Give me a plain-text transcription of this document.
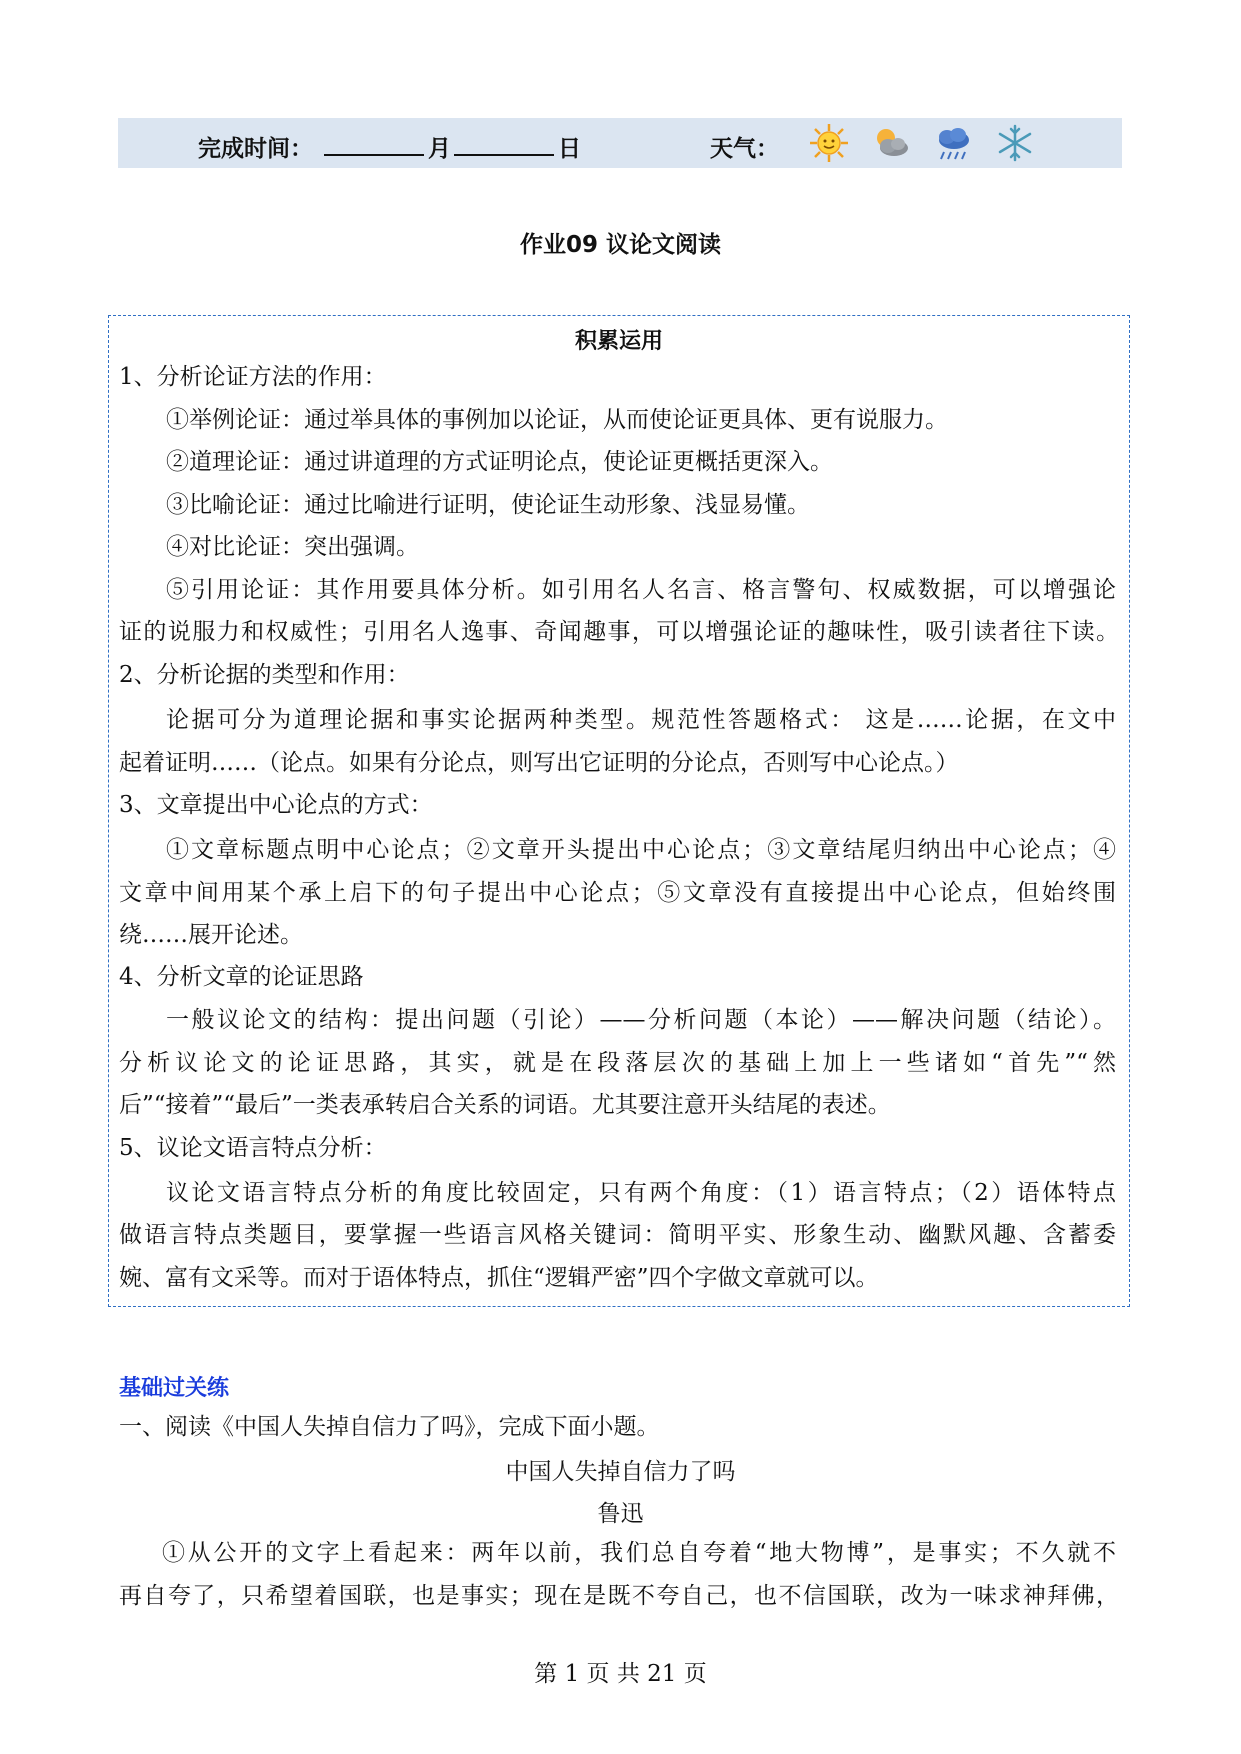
完成时间：	月	日	天气：
作业09 议论文阅读
积累运用
1、分析论证方法的作用：
①举例论证：通过举具体的事例加以论证，从而使论证更具体、更有说服力。
②道理论证：通过讲道理的方式证明论点，使论证更概括更深入。
③比喻论证：通过比喻进行证明，使论证生动形象、浅显易懂。
④对比论证：突出强调。
⑤引用论证：其作用要具体分析。如引用名人名言、格言警句、权威数据，可以增强论
证的说服力和权威性；引用名人逸事、奇闻趣事，可以增强论证的趣味性，吸引读者往下读。
2、分析论据的类型和作用：
论据可分为道理论据和事实论据两种类型。规范性答题格式： 这是……论据，在文中
起着证明……（论点。如果有分论点，则写出它证明的分论点，否则写中心论点。）
3、文章提出中心论点的方式：
①文章标题点明中心论点；②文章开头提出中心论点；③文章结尾归纳出中心论点；④
文章中间用某个承上启下的句子提出中心论点；⑤文章没有直接提出中心论点，但始终围
绕……展开论述。
4、分析文章的论证思路
一般议论文的结构：提出问题（引论）——分析问题（本论）——解决问题（结论）。
分析议论文的论证思路，其实，就是在段落层次的基础上加上一些诸如“首先”“然
后”“接着”“最后”一类表承转启合关系的词语。尤其要注意开头结尾的表述。
5、议论文语言特点分析：
议论文语言特点分析的角度比较固定，只有两个角度：（1）语言特点；（2）语体特点
做语言特点类题目，要掌握一些语言风格关键词：简明平实、形象生动、幽默风趣、含蓄委
婉、富有文采等。而对于语体特点，抓住“逻辑严密”四个字做文章就可以。
基础过关练
一、阅读《中国人失掉自信力了吗》，完成下面小题。
中国人失掉自信力了吗
鲁迅
①从公开的文字上看起来：两年以前，我们总自夸着“地大物博”，是事实；不久就不
再自夸了，只希望着国联，也是事实；现在是既不夸自己，也不信国联，改为一味求神拜佛，
第 1 页 共 21 页
